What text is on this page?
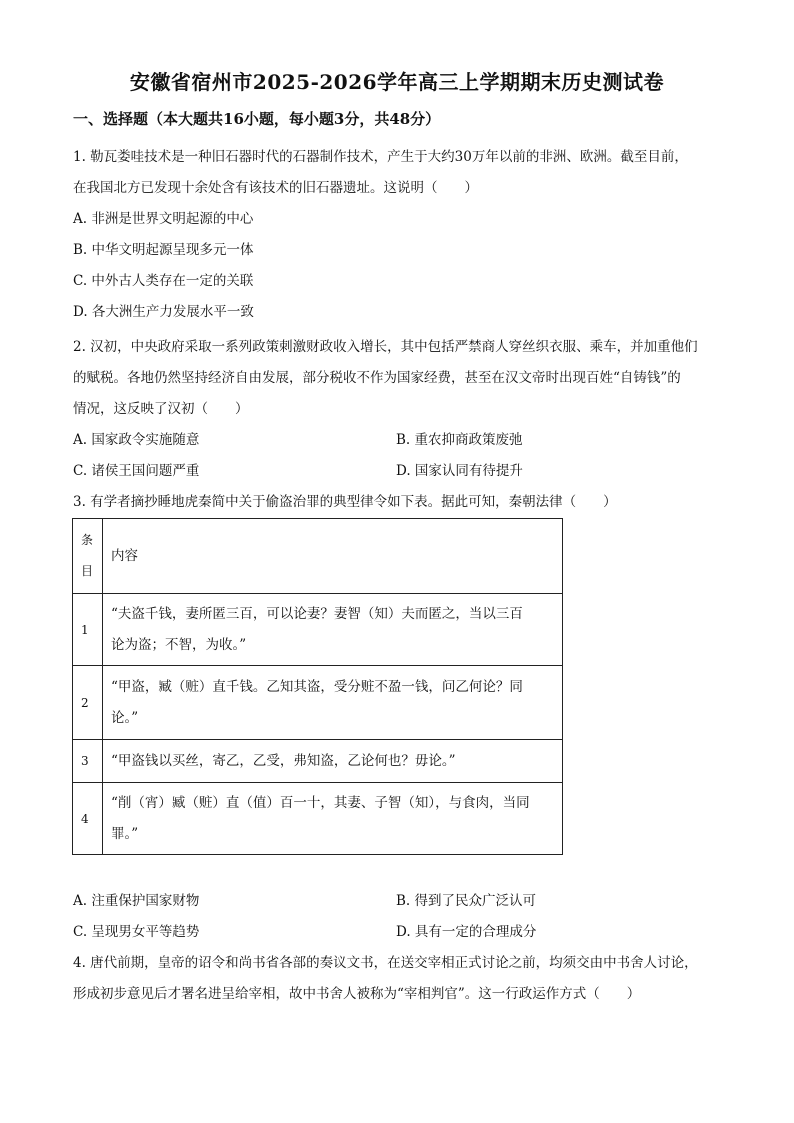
安徽省宿州市2025-2026学年高三上学期期末历史测试卷
一、选择题（本大题共16小题，每小题3分，共48分）
1. 勒瓦娄哇技术是一种旧石器时代的石器制作技术，产生于大约30万年以前的非洲、欧洲。截至目前，
在我国北方已发现十余处含有该技术的旧石器遗址。这说明（　　）
A. 非洲是世界文明起源的中心
B. 中华文明起源呈现多元一体
C. 中外古人类存在一定的关联
D. 各大洲生产力发展水平一致
2. 汉初，中央政府采取一系列政策刺激财政收入增长，其中包括严禁商人穿丝织衣服、乘车，并加重他们
的赋税。各地仍然坚持经济自由发展，部分税收不作为国家经费，甚至在汉文帝时出现百姓“自铸钱”的
情况，这反映了汉初（　　）
A. 国家政令实施随意	B. 重农抑商政策废弛
C. 诸侯王国问题严重	D. 国家认同有待提升
3. 有学者摘抄睡地虎秦简中关于偷盗治罪的典型律令如下表。据此可知，秦朝法律（　　）
条
目	内容
1	“夫盗千钱，妻所匿三百，可以论妻？妻智（知）夫而匿之，当以三百
论为盗；不智，为收。”

2	“甲盗，臧（赃）直千钱。乙知其盗，受分赃不盈一钱，问乙何论？同
论。”

3	“甲盗钱以买丝，寄乙，乙受，弗知盗，乙论何也？毋论。”

4	“削（宵）臧（赃）直（值）百一十，其妻、子智（知），与食肉，当同
罪。”
A. 注重保护国家财物	B. 得到了民众广泛认可
C. 呈现男女平等趋势	D. 具有一定的合理成分
4. 唐代前期，皇帝的诏令和尚书省各部的奏议文书，在送交宰相正式讨论之前，均须交由中书舍人讨论，
形成初步意见后才署名进呈给宰相，故中书舍人被称为“宰相判官”。这一行政运作方式（　　）
